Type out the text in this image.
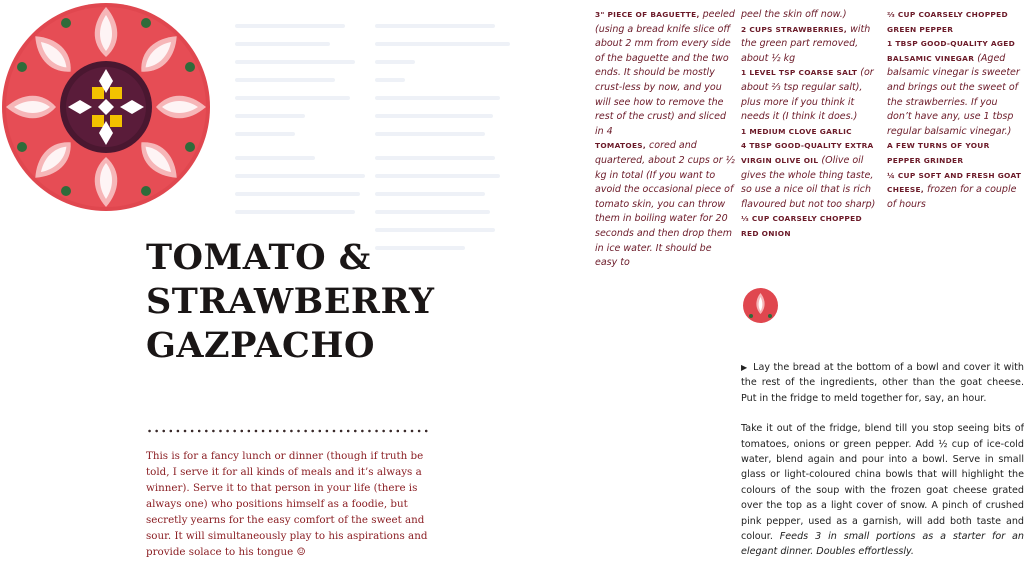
TOMATO &
STRAWBERRY
GAZPACHO

This is for a fancy lunch or dinner (though if truth be told, I serve it for all kinds of meals and it’s always a winner). Serve it to that person in your life (there is always one) who positions himself as a foodie, but secretly yearns for the easy comfort of the sweet and sour. It will simultaneously play to his aspirations and provide solace to his tongue ☺

3" PIECE OF BAGUETTE, peeled (using a bread knife slice off about 2 mm from every side of the baguette and the two ends. It should be mostly crust-less by now, and you will see how to remove the rest of the crust) and sliced in 4
TOMATOES, cored and quartered, about 2 cups or ½ kg in total (If you want to avoid the occasional piece of tomato skin, you can throw them in boiling water for 20 seconds and then drop them in ice water. It should be easy to
peel the skin off now.)
2 CUPS STRAWBERRIES, with the green part removed, about ½ kg
1 LEVEL TSP COARSE SALT (or about ⅔ tsp regular salt), plus more if you think it needs it (I think it does.)
1 MEDIUM CLOVE GARLIC
4 TBSP GOOD-QUALITY EXTRA VIRGIN OLIVE OIL (Olive oil gives the whole thing taste, so use a nice oil that is rich flavoured but not too sharp)
⅓ CUP COARSELY CHOPPED RED ONION
⅔ CUP COARSELY CHOPPED GREEN PEPPER
1 TBSP GOOD-QUALITY AGED BALSAMIC VINEGAR (Aged balsamic vinegar is sweeter and brings out the sweet of the strawberries. If you don’t have any, use 1 tbsp regular balsamic vinegar.)
A FEW TURNS OF YOUR PEPPER GRINDER
¼ CUP SOFT AND FRESH GOAT CHEESE, frozen for a couple of hours

▶ Lay the bread at the bottom of a bowl and cover it with the rest of the ingredients, other than the goat cheese. Put in the fridge to meld together for, say, an hour.

Take it out of the fridge, blend till you stop seeing bits of tomatoes, onions or green pepper. Add ½ cup of ice-cold water, blend again and pour into a bowl. Serve in small glass or light-coloured china bowls that will highlight the colours of the soup with the frozen goat cheese grated over the top as a light cover of snow. A pinch of crushed pink pepper, used as a garnish, will add both taste and colour. Feeds 3 in small portions as a starter for an elegant dinner. Doubles effortlessly.
